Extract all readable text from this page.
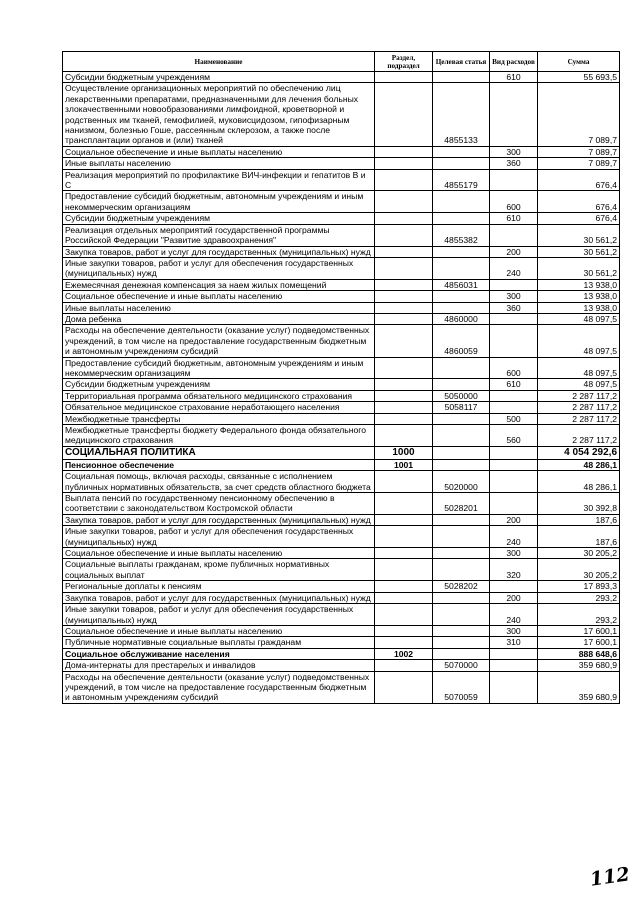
Наименование	Раздел, подраздел	Целевая статья	Вид расходов	Сумма
Субсидии бюджетным учреждениям			610	55 693,5
Осуществление организационных мероприятий по обеспечению лиц лекарственными препаратами, предназначенными для лечения больных злокачественными новообразованиями лимфоидной, кроветворной и родственных им тканей, гемофилией, муковисцидозом, гипофизарным нанизмом, болезнью Гоше, рассеянным склерозом, а также после трансплантации органов и (или) тканей		4855133		7 089,7
Социальное обеспечение и иные выплаты населению			300	7 089,7
Иные выплаты населению			360	7 089,7
Реализация мероприятий по профилактике ВИЧ-инфекции и гепатитов В и С		4855179		676,4
Предоставление субсидий бюджетным, автономным учреждениям и иным некоммерческим организациям			600	676,4
Субсидии бюджетным учреждениям			610	676,4
Реализация отдельных мероприятий государственной программы Российской Федерации "Развитие здравоохранения"		4855382		30 561,2
Закупка товаров, работ и услуг для государственных (муниципальных) нужд			200	30 561,2
Иные закупки товаров, работ и услуг для обеспечения государственных (муниципальных) нужд			240	30 561,2
Ежемесячная денежная компенсация за наем жилых помещений		4856031		13 938,0
Социальное обеспечение и иные выплаты населению			300	13 938,0
Иные выплаты населению			360	13 938,0
Дома ребенка		4860000		48 097,5
Расходы на обеспечение деятельности (оказание услуг) подведомственных учреждений, в том числе на предоставление государственным бюджетным и автономным учреждениям субсидий		4860059		48 097,5
Предоставление субсидий бюджетным, автономным учреждениям и иным некоммерческим организациям			600	48 097,5
Субсидии бюджетным учреждениям			610	48 097,5
Территориальная программа обязательного медицинского страхования		5050000		2 287 117,2
Обязательное медицинское страхование неработающего населения		5058117		2 287 117,2
Межбюджетные трансферты			500	2 287 117,2
Межбюджетные трансферты бюджету Федерального фонда обязательного медицинского страхования			560	2 287 117,2
СОЦИАЛЬНАЯ ПОЛИТИКА	1000			4 054 292,6
Пенсионное обеспечение	1001			48 286,1
Социальная помощь, включая расходы, связанные с исполнением публичных нормативных обязательств, за счет средств областного бюджета		5020000		48 286,1
Выплата пенсий по государственному пенсионному обеспечению в соответствии с законодательством Костромской области		5028201		30 392,8
Закупка товаров, работ и услуг для государственных (муниципальных) нужд			200	187,6
Иные закупки товаров, работ и услуг для обеспечения государственных (муниципальных) нужд			240	187,6
Социальное обеспечение и иные выплаты населению			300	30 205,2
Социальные выплаты гражданам, кроме публичных нормативных социальных выплат			320	30 205,2
Региональные доплаты к пенсиям		5028202		17 893,3
Закупка товаров, работ и услуг для государственных (муниципальных) нужд			200	293,2
Иные закупки товаров, работ и услуг для обеспечения государственных (муниципальных) нужд			240	293,2
Социальное обеспечение и иные выплаты населению			300	17 600,1
Публичные нормативные социальные выплаты гражданам			310	17 600,1
Социальное обслуживание населения	1002			888 648,6
Дома-интернаты для престарелых и инвалидов		5070000		359 680,9
Расходы на обеспечение деятельности (оказание услуг) подведомственных учреждений, в том числе на предоставление государственным бюджетным и автономным учреждениям субсидий		5070059		359 680,9
112
